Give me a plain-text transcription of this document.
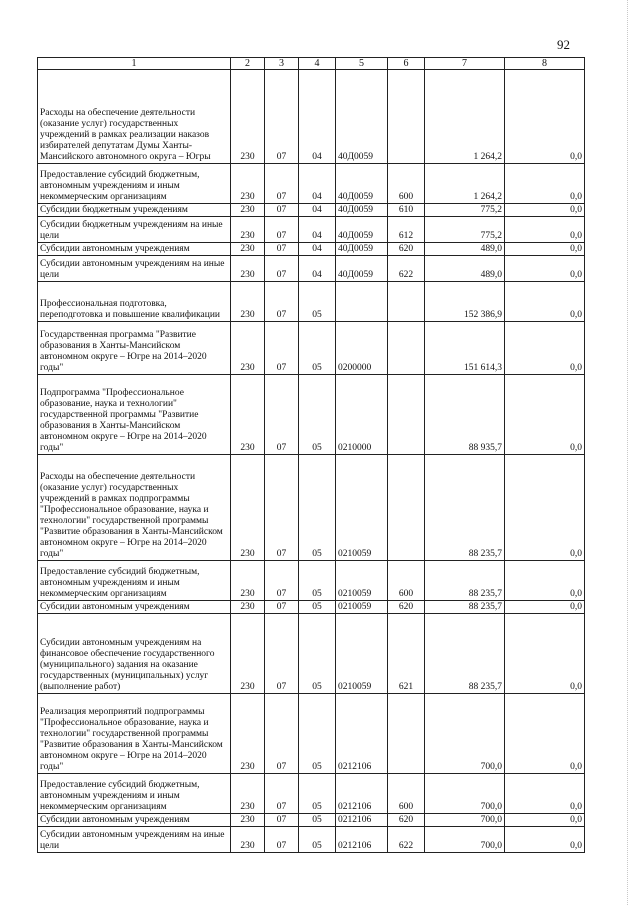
92
1	2	3	4	5	6	7	8
Расходы на обеспечение деятельности (оказание услуг) государственных учреждений в рамках реализации наказов избирателей депутатам Думы Ханты-Мансийского автономного округа – Югры	230	07	04	40Д0059		1 264,2	0,0
Предоставление субсидий бюджетным, автономным учреждениям и иным некоммерческим организациям	230	07	04	40Д0059	600	1 264,2	0,0
Субсидии бюджетным учреждениям	230	07	04	40Д0059	610	775,2	0,0
Субсидии бюджетным учреждениям на иные цели	230	07	04	40Д0059	612	775,2	0,0
Субсидии автономным учреждениям	230	07	04	40Д0059	620	489,0	0,0
Субсидии автономным учреждениям на иные цели	230	07	04	40Д0059	622	489,0	0,0
Профессиональная подготовка, переподготовка и повышение квалификации	230	07	05			152 386,9	0,0
Государственная программа "Развитие образования в Ханты-Мансийском автономном округе – Югре на 2014–2020 годы"	230	07	05	0200000		151 614,3	0,0
Подпрограмма "Профессиональное образование, наука и технологии" государственной программы "Развитие образования в Ханты-Мансийском автономном округе – Югре на 2014–2020 годы"	230	07	05	0210000		88 935,7	0,0
Расходы на обеспечение деятельности (оказание услуг) государственных учреждений в рамках подпрограммы "Профессиональное образование, наука и технологии" государственной программы "Развитие образования в Ханты-Мансийском автономном округе – Югре на 2014–2020 годы"	230	07	05	0210059		88 235,7	0,0
Предоставление субсидий бюджетным, автономным учреждениям и иным некоммерческим организациям	230	07	05	0210059	600	88 235,7	0,0
Субсидии автономным учреждениям	230	07	05	0210059	620	88 235,7	0,0
Субсидии автономным учреждениям на финансовое обеспечение государственного (муниципального) задания на оказание государственных (муниципальных) услуг (выполнение работ)	230	07	05	0210059	621	88 235,7	0,0
Реализация мероприятий подпрограммы "Профессиональное образование, наука и технологии" государственной программы "Развитие образования в Ханты-Мансийском автономном округе – Югре на 2014–2020 годы"	230	07	05	0212106		700,0	0,0
Предоставление субсидий бюджетным, автономным учреждениям и иным некоммерческим организациям	230	07	05	0212106	600	700,0	0,0
Субсидии автономным учреждениям	230	07	05	0212106	620	700,0	0,0
Субсидии автономным учреждениям на иные цели	230	07	05	0212106	622	700,0	0,0
